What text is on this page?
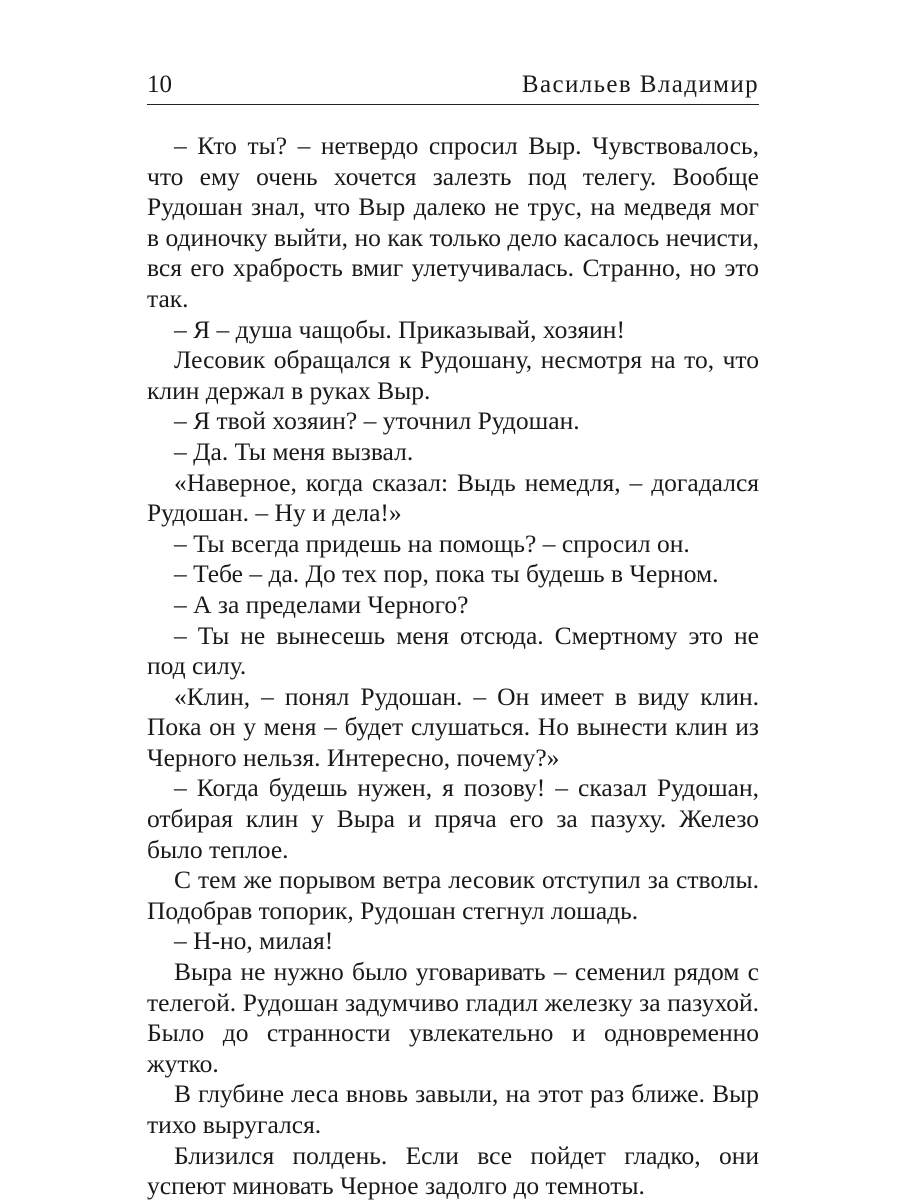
10	Васильев Владимир

– Кто ты? – нетвердо спросил Выр. Чувствовалось, что ему очень хочется залезть под телегу. Вообще Рудошан знал, что Выр далеко не трус, на медведя мог в одиночку выйти, но как только дело касалось нечисти, вся его храбрость вмиг улетучивалась. Странно, но это так.

– Я – душа чащобы. Приказывай, хозяин!

Лесовик обращался к Рудошану, несмотря на то, что клин держал в руках Выр.

– Я твой хозяин? – уточнил Рудошан.

– Да. Ты меня вызвал.

«Наверное, когда сказал: Выдь немедля, – догадался Рудошан. – Ну и дела!»

– Ты всегда придешь на помощь? – спросил он.

– Тебе – да. До тех пор, пока ты будешь в Черном.

– А за пределами Черного?

– Ты не вынесешь меня отсюда. Смертному это не под силу.

«Клин, – понял Рудошан. – Он имеет в виду клин. Пока он у меня – будет слушаться. Но вынести клин из Черного нельзя. Интересно, почему?»

– Когда будешь нужен, я позову! – сказал Рудошан, отбирая клин у Выра и пряча его за пазуху. Железо было теплое.

С тем же порывом ветра лесовик отступил за стволы. Подобрав топорик, Рудошан стегнул лошадь.

– Н-но, милая!

Выра не нужно было уговаривать – семенил рядом с телегой. Рудошан задумчиво гладил железку за пазухой. Было до странности увлекательно и одновременно жутко.

В глубине леса вновь завыли, на этот раз ближе. Выр тихо выругался.

Близился полдень. Если все пойдет гладко, они успеют миновать Черное задолго до темноты.
